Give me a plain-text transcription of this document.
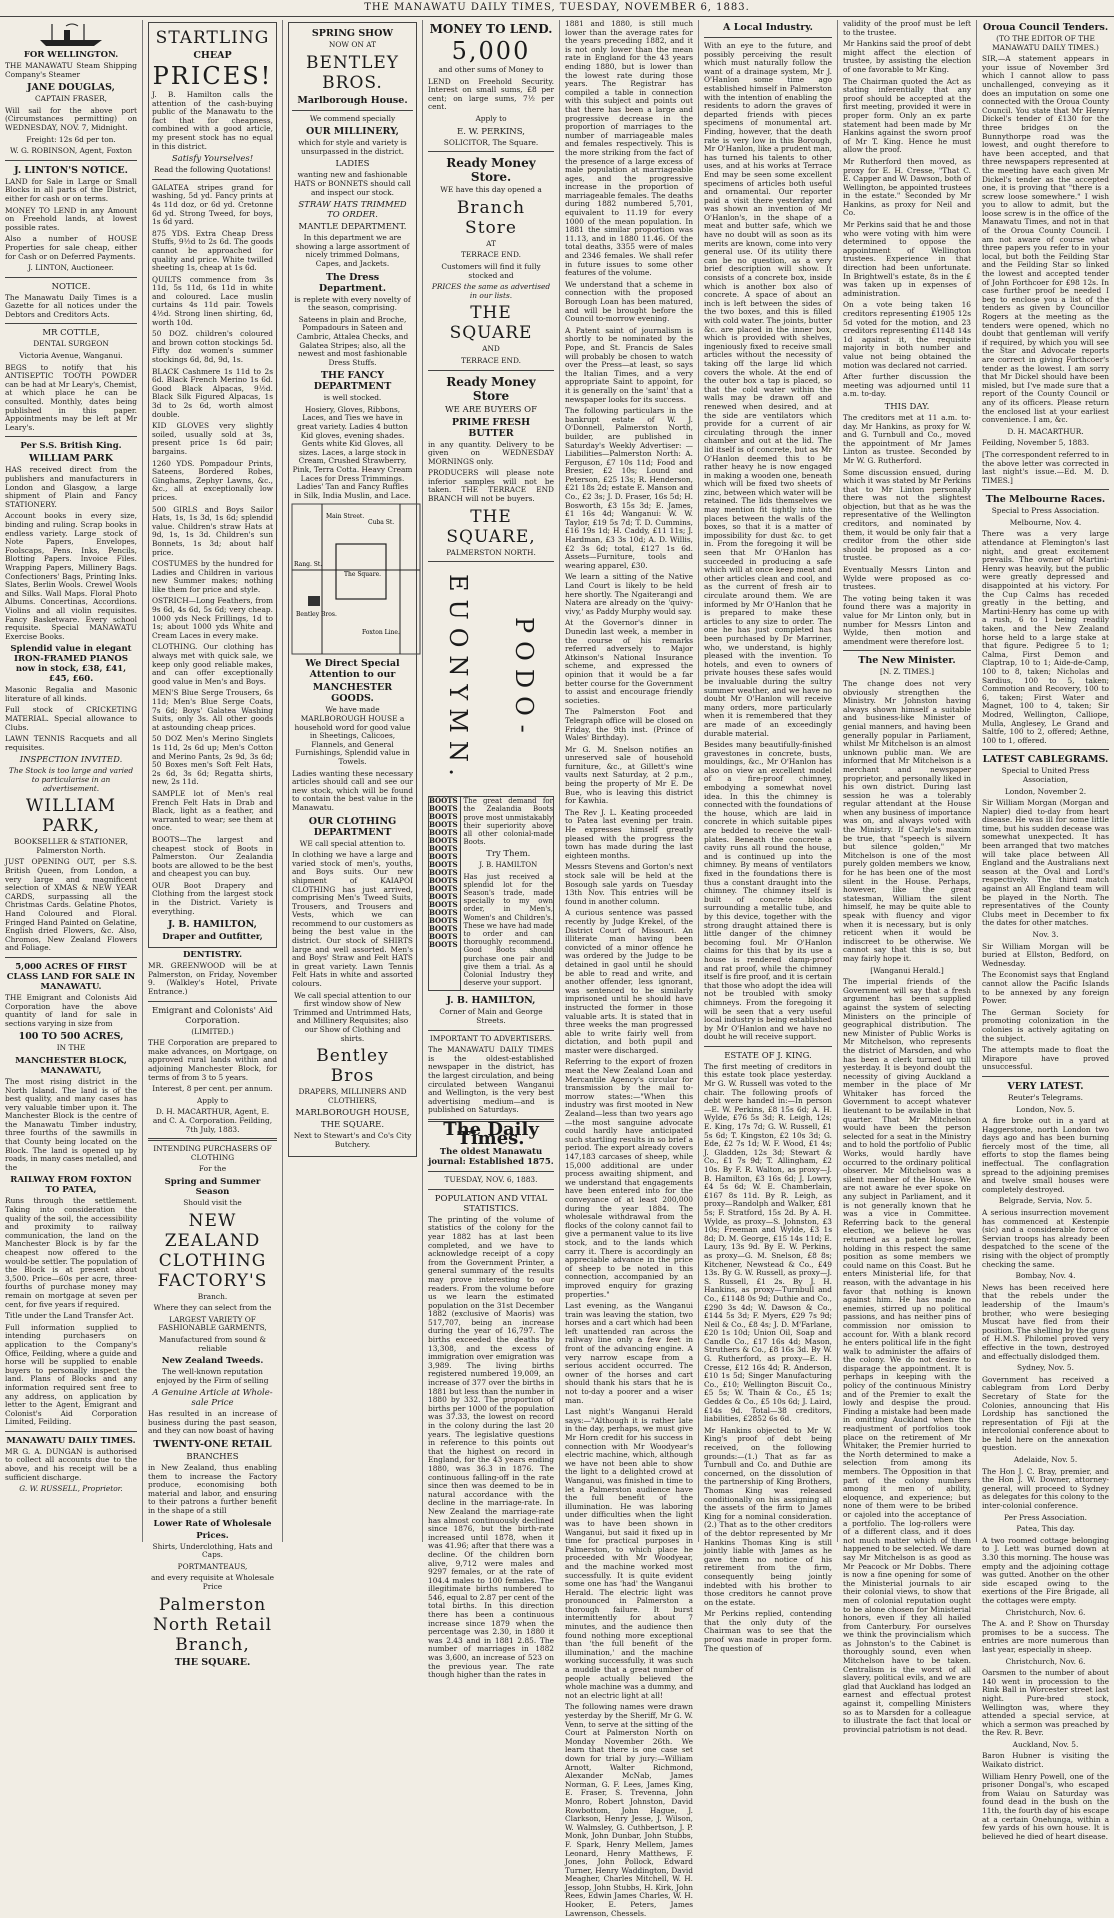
THE MANAWATU DAILY TIMES, TUESDAY, NOVEMBER 6, 1883.

FOR WELLINGTON.

THE MANAWATU Steam Shipping Company's Steamer

JANE DOUGLAS,

CAPTAIN FRASER,

Will sail for the above port (Circumstances permitting) on WEDNESDAY, NOV. 7, Midnight.

Freight: 12s 6d per ton.

W. G. ROBINSON, Agent, Foxton

J. LINTON'S NOTICE.

LAND for Sale in Large or Small Blocks in all parts of the District, either for cash or on terms.

MONEY TO LEND in any Amount on Freehold lands, at lowest possible rates.

Also a number of HOUSE Properties for sale cheap, either for Cash or on Deferred Payments.

J. LINTON, Auctioneer.

NOTICE.

The Manawatu Daily Times is a Gazette for all notices under the Debtors and Creditors Acts.

MR COTTLE,

DENTAL SURGEON

Victoria Avenue, Wanganui.

BEGS to notify that his ANTISEPTIC TOOTH POWDER can be had at Mr Leary's, Chemist, at which place he can be consulted. Monthly, dates being published in this paper. Appointments may be left at Mr Leary's.

Per S.S. British King.

WILLIAM PARK

HAS received direct from the publishers and manufacturers in London and Glasgow, a large shipment of Plain and Fancy STATIONERY.

Account books in every size, binding and ruling. Scrap books in endless variety. Large stock of Note Papers, Envelopes, Foolscaps, Pens. Inks, Pencils, Blotting Papers. Invoice Files. Wrapping Papers, Millinery Bags. Confectioners' Bags, Printing Inks. Slates, Berlin Wools. Crewel Wools and Silks. Wall Maps. Floral Photo Albums. Concertinas, Accordions. Violins and all violin requisites. Fancy Basketware. Every school requisite. Special MANAWATU Exercise Books.

Splendid value in elegant IRON-FRAMED PIANOS now in stock, £38, £41, £45, £60.

Masonic Regalia and Masonic literature of all kinds.

Full stock of CRICKETING MATERIAL. Special allowance to Clubs.

LAWN TENNIS Racquets and all requisites.

INSPECTION INVITED.

The Stock is too large and varied to particularise in an advertisement.

WILLIAM PARK,

BOOKSELLER & STATIONER, Palmerston North.

JUST OPENING OUT, per S.S. British Queen, from London, a very large and magnificent selection of XMAS & NEW YEAR CARDS, surpassing all the Christmas Cards. Gelatine Photos, Hand Coloured and Floral. Fringed Hand Painted on Gelatine, English dried Flowers, &c. Also, Chromos, New Zealand Flowers and Foliage.

5,000 ACRES OF FIRST CLASS LAND FOR SALE IN MANAWATU.

THE Emigrant and Colonists Aid Corporation have the above quantity of land for sale in sections varying in size from

100 TO 500 ACRES,

IN THE

MANCHESTER BLOCK, MANAWATU,

The most rising district in the North Island. The land is of the best quality, and many cases has very valuable timber upon it. The Manchester Block is the centre of the Manawatu Timber industry, three fourths of the sawmills in that County being located on the Block. The land is opened up by roads, in many cases metalled, and the

RAILWAY FROM FOXTON TO PATEA,

Runs through the settlement. Taking into consideration the quality of the soil, the accessibility and proximity to railway communication, the land on the Manchester Block is by far the cheapest now offered to the would-be settler. The population of the Block is at present about 3,500. Price—60s per acre, three-fourths of purchase money may remain on mortgage at seven per cent, for five years if required.

Title under the Land Transfer Act.

Full information supplied to intending purchasers on application to the Company's Office, Feilding, where a guide and horse will be supplied to enable buyers to personally inspect the land. Plans of Blocks and any information required sent free to any address, on application by letter to the Agent, Emigrant and Colonist's Aid Corporation Limited, Feilding.

MANAWATU DAILY TIMES.

MR G. A. DUNGAN is authorised to collect all accounts due to the above, and his receipt will be a sufficient discharge.

G. W. RUSSELL, Proprietor.

STARTLING

CHEAP

PRICES!

J. B. Hamilton calls the attention of the cash-buying public of the Manawatu to the fact that for cheapness, combined with a good article, my present stock has no equal in this district.

Satisfy Yourselves!

Read the following Quotations!

GALATEA stripes grand for washing, 5d yd. Fancy prints at 4s 11d doz, or 6d yd. Cretonne 6d yd. Strong Tweed, for boys, 1s 6d yard.

875 YDS. Extra Cheap Dress Stuffs, 9½d to 2s 6d. The goods cannot be approached for quality and price. White twilled sheeting 1s, cheap at 1s 6d.

QUILTS commence from 3s 11d, 5s 11d, 6s 11d in white and coloured. Lace muslin curtains 4s 11d pair. Towels 4½d. Strong linen shirting, 6d, worth 10d.

50 DOZ. children's coloured and brown cotton stockings 5d. Fifty doz women's summer stockings 6d, 8d, 9d, 1s.

BLACK Cashmere 1s 11d to 2s 6d. Black French Merino 1s 6d. Good Black Alpacas, 9½d. Black Silk Figured Alpacas, 1s 3d to 2s 6d, worth almost double.

KID GLOVES very slightly soiled, usually sold at 3s, present price 1s 6d pair; bargains.

1260 YDS. Pompadour Prints, Sateens, Bordered Robes, Ginghams, Zephyr Lawns, &c., &c., all at exceptionally low prices.

500 GIRLS and Boys Sailor Hats, 1s, 1s 3d, 1s 6d; splendid value. Children's straw Hats at 9d, 1s, 1s 3d. Children's sun Bonnets, 1s 3d; about half price.

COSTUMES by the hundred for Ladies and Children in various new Summer makes; nothing like them for price and style.

OSTRICH—Long Feathers, from 9s 6d, 4s 6d, 5s 6d; very cheap. 1000 yds Neck Frillings, 1d to 1s; about 1000 yds White and Cream Laces in every make.

CLOTHING. Our clothing has always met with quick sale, we keep only good reliable makes, and can offer exceptionally good value in Men's and Boys.

MEN'S Blue Serge Trousers, 6s 11d; Men's Blue Serge Coats, 7s 6d; Boys' Galatea Washing Suits, only 3s. All other goods at astounding cheap prices.

50 DOZ Men's Merino Singlets 1s 11d, 2s 6d up; Men's Cotton and Merino Pants, 2s 9d, 3s 6d; 50 Boxes men's Soft Felt Hats, 2s 6d, 3s 6d; Regatta shirts, new, 2s 11d.

SAMPLE lot of Men's real French Felt Hats in Drab and Black, light as a feather, and warranted to wear; see them at once.

BOOTS—The largest and cheapest stock of Boots in Palmerston. Our Zealandia boots are allowed to be the best and cheapest you can buy.

OUR Boot Drapery and Clothing from the largest stock in the District. Variety is everything.

J. B. HAMILTON,

Draper and Outfitter,

DENTISTRY.

MR. GREENWOOD will be at Palmerston, on Friday, November 9. (Walkley's Hotel, Private Entrance.)

Emigrant and Colonists' Aid Corporation.

(LIMITED.)

THE Corporation are prepared to make advances, on Mortgage, on approved rural lands within and adjoining Manchester Block, for terms of from 3 to 5 years.

Interest, 8 per cent. per annum.

Apply to

D. H. MACARTHUR, Agent, E. and C. A. Corporation. Feilding, 7th July, 1883.

INTENDING PURCHASERS OF CLOTHING

For the

Spring and Summer Season

Should visit the

NEW ZEALAND CLOTHING FACTORY'S

Branch.

Where they can select from the

LARGEST VARIETY OF FASHIONABLE GARMENTS,

Manufactured from sound & reliable

New Zealand Tweeds.

The well-known reputation enjoyed by the Firm of selling

A Genuine Article at Whole-sale Price

Has resulted in an increase of business during the past season, and they can now boast of having

TWENTY-ONE RETAIL

BRANCHES

in New Zealand, thus enabling them to increase the Factory produce, economising both material and labor, and ensuring to their patrons a further benefit in the shape of a still

Lower Rate of Wholesale

Prices.

Shirts, Underclothing, Hats and Caps.

PORTMANTEAUS,

and every requisite at Wholesale Price

Palmerston North Retail Branch,

THE SQUARE.

SPRING SHOW

NOW ON AT

BENTLEY BROS.

Marlborough House.

We commend specially

OUR MILLINERY,

which for style and variety is unsurpassed in the district.

LADIES

wanting new and fashionable HATS or BONNETS should call and inspect our stock.

STRAW HATS TRIMMED TO ORDER.

MANTLE DEPARTMENT.

In this department we are showing a large assortment of nicely trimmed Dolmans, Capes, and Jackets.

The Dress Department.

is replete with every novelty of the season, comprising.

Sateens in plain and Broche, Pompadours in Sateen and Cambric, Attalea Checks, and Galatea Stripes; also, all the newest and most fashionable Dress Stuffs.

THE FANCY DEPARTMENT

is well stocked.

Hosiery, Gloves, Ribbons, Laces, and Ties we have in great variety. Ladies 4 button Kid gloves, evening shades. Gents white Kid Gloves, all sizes. Laces, a large stock in Cream, Crushed Strawberry, Pink, Terra Cotta. Heavy Cream Laces for Dress Trimmings. Ladies' Tan and Fancy Ruffles in Silk, India Muslin, and Lace.

Main Street.
Rang. St.
The Square.
Bentley Bros.
Foxton Line.
Cuba St.

We Direct Special Attention to our

MANCHESTER GOODS.

We have made MARLBOROUGH HOUSE a household word for good value in Sheetings, Calicoes, Flannels, and General Furnishings, Splendid value in Towels.

Ladies wanting these necessary articles should call and see our new stock, which will be found to contain the best value in the Manawatu.

OUR CLOTHING DEPARTMENT

WE call special attention to.

In clothing we have a large and varied stock of men's, youths, and Boys suits. Our new shipment of KAIAPOI CLOTHING has just arrived, comprising Men's Tweed Suits, Trousers, and Trousers and Vests, which we can recommend to our customers as being the best value in the district. Our stock of SHIRTS large and well assorted. Men's and Boys' Straw and Felt HATS in great variety. Lawn Tennis Felt Hats in white and assorted colours.

We call special attention to our first window show of New Trimmed and Untrimmed Hats, and Millinery Requisites; also our Show of Clothing and shirts.

Bentley Bros

DRAPERS, MILLINERS AND CLOTHIERS,

MARLBOROUGH HOUSE,

THE SQUARE.

Next to Stewart's and Co's City Butchery.

MONEY TO LEND.

5,000

and other sums of Money to

LEND on Freehold Security. Interest on small sums, £8 per cent; on large sums, 7½ per cent.

Apply to

E. W. PERKINS,

SOLICITOR, The Square.

Ready Money Store.

WE have this day opened a

Branch Store

AT

TERRACE END.

Customers will find it fully stocked and

PRICES the same as advertised in our lists.

THE SQUARE

AND

TERRACE END.

Ready Money Store

WE ARE BUYERS OF

PRIME FRESH BUTTER

in any quantity. Delivery to be given on WEDNESDAY MORNINGS only.

PRODUCERS will please note inferior samples will not be taken. THE TERRACE END BRANCH will not be buyers.

THE SQUARE,

PALMERSTON NORTH.

EUONYMN. PODO-
BOOTS
BOOTS
BOOTS
BOOTS
BOOTS
BOOTS
BOOTS
BOOTS
BOOTS
BOOTS
BOOTS
BOOTS
BOOTS
BOOTS
BOOTS
BOOTS
BOOTS
BOOTS
BOOTS

The great demand for the Zealandia Boots prove most unmistakably their superiority above all other colonial-made Boots.

Try Them.

J. B. HAMILTON

Has just received a splendid lot for the Season's trade, made specially to my own order, in Men's, Women's and Children's. These we have had made to order and can thoroughly recommend. Good Boots should purchase one pair and give them a trial. As a Colonial Industry they deserve your support.

J. B. HAMILTON,

Corner of Main and George Streets.

IMPORTANT TO ADVERTISERS.

The MANAWATU DAILY TIMES is the oldest-established newspaper in the district, has the largest circulation, and being circulated between Wanganui and Wellington, is the very best advertising medium—and is published on Saturdays.

The Daily Times.

The oldest Manawatu journal: Established 1875.

TUESDAY, NOV. 6, 1883.

POPULATION AND VITAL STATISTICS.

The printing of the volume of statistics of the colony for the year 1882 has at last been completed, and we have to acknowledge receipt of a copy from the Government Printer, a general summary of the results may prove interesting to our readers. From the volume before us we learn the estimated population on the 31st December 1882 (exclusive of Maoris) was 517,707, being an increase during the year of 16,797. The births exceeded the deaths by 13,308, and the excess of immigration over emigration was 3,989. The living births registered numbered 19,009, an increase of 377 over the births in 1881 but less than the number in 1880 by 332. The proportion of births per 1000 of the population was 37.33, the lowest on record in the colony during the last 20 years. The legislative questions in reference to this points out that the highest on record in England, for the 43 years ending 1880, was 36.3 in 1876. The continuous falling-off in the rate since then was deemed to be in natural accordance with the decline in the marriage-rate. In New Zealand the marriage-rate has almost continuously declined since 1876, but the birth-rate increased until 1878, when it was 41.96; after that there was a decline. Of the children born alive, 9,712 were males and 9297 females, or at the rate of 104.4 males to 100 females. The illegitimate births numbered to 546, equal to 2.87 per cent of the total births. In this direction there has been a continuous increase since 1879 when the percentage was 2.30, in 1880 it was 2.43 and in 1881 2.85. The number of marriages in 1882 was 3,600, an increase of 523 on the previous year. The rate though higher than the rates in

1881 and 1880, is still much lower than the average rates for the years preceding 1882, and it is not only lower than the mean rate in England for the 43 years ending 1880, but is lower than the lowest rate during those years. The Registrar has compiled a table in connection with this subject and points out that there has been a large and progressive decrease in the proportion of marriages to the number of marriageable males and females respectively. This is the more striking from the fact of the presence of a large excess of male population at marriageable ages, and the progressive increase in the proportion of marriageable females. The deaths during 1882 numbered 5,701, equivalent to 11.19 for every 1000 of the mean population. In 1881 the similar proportion was 11.13, and in 1880 11.46. Of the total deaths, 3355 were of males and 2346 females. We shall refer in future issues to some other features of the volume.

We understand that a scheme in connection with the proposed Borough Loan has been matured, and will be brought before the Council to-morrow evening.

A Patent saint of journalism is shortly to be nominated by the Pope, and St. Francis de Sales will probably be chosen to watch over the Press—at least, so says the Italian Times, and a very appropriate Saint to appoint, for it is generally on the 'saint' that a newspaper looks for its success.

The following particulars in the bankrupt estate of W. J. O'Donnell, Palmerston North, builder, are published in Saturday's Weekly Advertiser: —Liabilities—Palmerston North: A. Ferguson, £7 10s 11d; Food and Bresier, £2 10s; Lound and Peterson, £25 13s; R. Henderson, £21 18s 2d; estate E. Manson and Co., £2 3s; J. D. Fraser, 16s 5d; H. Bosworth, £3 15s 3d; E. James, £1 16s 4d; Wanganui: W. W. Taylor, £19 5s 7d; T. D. Cummins, £16 19s 1d; H. Caddy, £11 11s; J. Hardman, £3 3s 10d; A. D. Willis, £2 3s 6d; total, £127 1s 6d. Assets—Furniture, tools and wearing apparel, £30.

We learn a sitting of the Native Land Court is likely to be held here shortly. The Ngaiterangi and Natera are already on the 'quivy-vivy,' as Paddy Murphy would say.

At the Governor's dinner in Dunedin last week, a member in the course of his remarks referred adversely to Major Atkinson's National Insurance scheme, and expressed the opinion that it would be a far better course for the Government to assist and encourage friendly societies.

The Palmerston Foot and Telegraph office will be closed on Friday, the 9th inst. (Prince of Wales' Birthday).

Mr G. M. Snelson notifies an unreserved sale of household furniture, &c., at Gillett's wine vaults next Saturday, at 2 p.m., being the property of Mr E. De Bue, who is leaving this district for Kawhia.

The Rev J. L. Keating proceeded to Patea last evening per train. He expresses himself greatly pleased with the progress the town has made during the last eighteen months.

Messrs Stevens and Gorton's next stock sale will be held at the Bosough sale yards on Tuesday 13th Nov. This entries will be found in another column.

A curious sentence was passed recently by Judge Krekel, of the District Court of Missouri. An illiterate man having been convicted of a minor offence he was ordered by the Judge to be detained in gaol until he should be able to read and write, and another offender, less ignorant, was sentenced to be similarly imprisoned until he should have instructed the former in those valuable arts. It is stated that in three weeks the man progressed able to write fairly well from dictation, and both pupil and master were discharged.

Referring to the export of frozen meat the New Zealand Loan and Mercantile Agency's circular for transmission by the mail to-morrow states:—"When this industry was first mooted in New Zealand—less than two years ago—the most sanguine advocate could hardly have anticipated such startling results in so brief a period. The export already covers 147,183 carcases of sheep, while 15,000 additional are under process awaiting shipment, and we understand that engagements have been entered into for the conveyance of at least 200,000 during the year 1884. The wholesale withdrawal from the flocks of the colony cannot fail to give a permanent value to its live stock, and to the lands which carry it. There is accordingly an appreciable advance in the price of sheep to be noted in this connection, accompanied by an improved enquiry for grazing properties."

Last evening, as the Wanganui train was leaving the station, two horses and a cart which had been left unattended ran across the railway line only a few feet in front of the advancing engine. A very narrow escape from a serious accident occurred. The owner of the horses and cart should thank his stars that he is not to-day a poorer and a wiser man.

Last night's Wanganui Herald says:—"Although it is rather late in the day, perhaps, we must give Mr Horn credit for his success in connection with Mr Woodyear's electric machine, which, although we have not been able to show the light to a delighted crowd at Wanganui, was finished in time to let a Palmerston audience have the full benefit of the illumination. He was laboring under difficulties when the light was to have been shown in Wanganui, but said it fixed up in time for practical purposes in Palmerston, to which place he proceeded with Mr Woodyear, and the machine worked most successfully. It is quite evident some one has 'had' the Wanganui Herald. The electric light was pronounced in Palmerston a thorough failure. It burst intermittently for about 7 minutes, and the audience then found nothing more exceptional than 'the full benefit of the illumination,' and the machine working successfully, it was such a muddle that a great number of people actually believed the whole machine was a dummy, and not an electric light at all!

The following names were drawn yesterday by the Sheriff, Mr G. W. Venn, to serve at the sitting of the Court at Palmerston North on Monday November 26th. We learn that there is one case set down for trial by jury:—William Arnott, Walter Richmond, Alexander McNab, James Norman, G. F. Lees, James King, E. Fraser, S. Trevenna, John Monro, Robert Johnston, David Rowbottom, John Hague, J. Clarkson, Henry Jesse, J. Wilson, W. Walmsley, G. Cuthbertson, J. P. Monk, John Dunbar, John Stubbs, F. Spark, Henry Mellem, James Leonard, Henry Matthews, F. Jones, John Pollock, Edward Turner, Henry Waddington, David Meagher, Charles Mitchell, W. H. Jessop, John Stubbs, H. Kirk, John Rees, Edwin James Charles, W. H. Hooker, E. Peters, James Lawrenson, Chessels.

A Local Industry.

With an eye to the future, and possibly perceiving the result which must naturally follow the want of a drainage system, Mr J. O'Hanlon some time ago established himself in Palmerston with the intention of enabling the residents to adorn the graves of departed friends with pieces specimens of monumental art. Finding, however, that the death rate is very low in this Borough, Mr O'Hanlon, like a prudent man, has turned his talents to other uses, and at his works at Terrace End may be seen some excellent specimens of articles both useful and ornamental. Our reporter paid a visit there yesterday and was shown an invention of Mr O'Hanlon's, in the shape of a meat and butter safe, which we have no doubt will as soon as its merits are known, come into very general use. Of its utility there can be no question, as a very brief description will show. It consists of a concrete box, inside which is another box also of concrete. A space of about an inch is left between the sides of the two boxes, and this is filled with cold water. The joints, butter &c. are placed in the inner box, which is provided with shelves, ingeniously fixed to receive small articles without the necessity of taking off the large lid which covers the whole. At the end of the outer box a tap is placed, so that the cold water within the walls may be drawn off and renewed when desired, and at the side are ventilators which provide for a current of air circulating through the inner chamber and out at the lid. The lid itself is of concrete, but as Mr O'Hanlon deemed this to be rather heavy he is now engaged in making a wooden one, beneath which will be fixed two sheets of zinc, between which water will be retained. The lids themselves we may mention fit tightly into the places between the walls of the boxes, so that it is a matter of impossibility for dust &c. to get in. From the foregoing it will be seen that Mr O'Hanlon has succeeded in producing a safe which will at once keep meat and other articles clean and cool, and as the current of fresh air to circulate around them. We are informed by Mr O'Hanlon that he is prepared to make these articles to any size to order. The one he has just completed has been purchased by Dr Marriner, who, we understand, is highly pleased with the invention. To hotels, and even to owners of private houses these safes would be invaluable during the sultry summer weather, and we have no doubt Mr O'Hanlon will receive many orders, more particularly when it is remembered that they are made of an exceedingly durable material.

Besides many beautifully-finished gravestones in concrete, busts, mouldings, &c., Mr O'Hanlon has also on view an excellent model of a fire-proof chimney, embodying a somewhat novel idea. In this the chimney is connected with the foundations of the house, which are laid in concrete in which suitable pipes are bedded to receive the wall-plates. Beneath the concrete a cavity runs all round the house, and is continued up into the chimney. By means of ventilators fixed in the foundations there is thus a constant draught into the chimney. The chimney itself is built of concrete blocks surrounding a metallic tube, and by this device, together with the strong draught attained there is little danger of the chimney becoming foul. Mr O'Hanlon claims for this that by its use a house is rendered damp-proof and rat proof, while the chimney itself is fire proof, and it is certain that those who adopt the idea will not be troubled with smoky chimneys. From the foregoing it will be seen that a very useful local industry is being established by Mr O'Hanlon and we have no doubt he will receive support.

ESTATE OF J. KING.

The first meeting of creditors in this estate took place yesterday. Mr G. W. Russell was voted to the chair. The following proofs of debt were handed in:—In person—E. W. Perkins, £8 15s 6d; A. H. Wylde, £76 5s 3d; R. Leigh, 12s; E. King, 17s 7d; G. W. Russell, £1 5s 6d; T. Kingston, £2 10s 3d; G. Ede, £2 7s 1d; W. F. Wood, £1 4s; J. Gladden, 12s 3d; Stewart & Co., £1 7s 9d; T. Allingham, £2 10s. By F. R. Walton, as proxy—J. B. Hamilton, £3 16s 6d; J. Lowry, £4 5s 6d; W. E. Chamberlain, £167 8s 11d. By R. Leigh, as proxy—Randolph and Walker, £81 5s; F. Stratford, 15s 2d. By A. H. Wylde, as proxy—S. Johnston, £3 10s; Freeman and Wylde, £3 1s 8d; D. M. George, £15 14s 11d; E. Laury, 13s 9d. By E. W. Perkins, as proxy—G. M. Snelson, £8 8s; Kitchener, Newstead & Co., £49 13s. By G. W. Russell, as proxy—J. S. Russell, £1 2s. By J. H. Hankins, as proxy—Turnbull and Co., £1148 0s 9d; Duthie and Co., £290 3s 4d; W. Dawson & Co., £144 5s 3d; F. Myers, £29 7s 9d; Neil & Co., £8 4s; J. D. M'Farlane, £20 1s 10d; Union Oil, Soap and Candle Co., £17 16s 4d; Mason, Struthers & Co., £8 16s 3d. By W. G. Rutherford, as proxy—E. H. Cresse, £12 16s 4d; R. Anderson, £10 1s 5d; Singer Manufacturing Co., £10; Wellington Biscuit Co., £5 5s; W. Thain & Co., £5 1s; Geddes & Co., £5 10s 6d; J. Laird, £14s 9d. Total—38 creditors, liabilities, £2852 6s 6d.

Mr Hankins objected to Mr W. King's proof of debt being received, on the following grounds:—(1.) That as far as Turnbull and Co. and Duthie are concerned, on the dissolution of the partnership of King Brothers, Thomas King was released conditionally on his assigning all the assets of the firm to James King for a nominal consideration. (2.) That as to the other creditors of the debtor represented by Mr Hankins Thomas King is still jointly liable with James as he gave them no notice of his retirement from the firm, consequently being jointly indebted with his brother to those creditors he cannot prove on the estate.

Mr Perkins replied, contending that the only duty of the Chairman was to see that the proof was made in proper form. The question of

validity of the proof must be left to the trustee.

Mr Hankins said the proof of debt might affect the election of trustee, by assisting the election of one favorable to Mr King.

The Chairman quoted the Act as stating inferentially that any proof should be accepted at the first meeting, provided it were in proper form. Only an ex parte statement had been made by Mr Hankins against the sworn proof of Mr T. King. Hence he must allow the proof.

Mr Rutherford then moved, as proxy for E. H. Cresse, "That C. E. Capper and W. Dawson, both of Wellington, be appointed trustees in the estate." Seconded by Mr Hankins, as proxy for Neil and Co.

Mr Perkins said that he and those who were voting with him were determined to oppose the appointment of Wellington trustees. Experience in that direction had been unfortunate. In Brightwell's estate, 8s in the £ was taken up in expenses of administration.

On a vote being taken 16 creditors representing £1905 12s 5d voted for the motion, and 23 creditors representing £1148 14s 1d against it, the requisite majority in both number and value not being obtained the motion was declared not carried.

After further discussion the meeting was adjourned until 11 a.m. to-day.

THIS DAY.

The creditors met at 11 a.m. to-day. Mr Hankins, as proxy for W. and G. Turnbull and Co., moved the appointment of Mr James Linton as trustee. Seconded by Mr W. G. Rutherford.

Some discussion ensued, during which it was stated by Mr Perkins that to Mr Linton personally there was not the slightest objection, but that as he was the representative of the Wellington creditors, and nominated by them, it would be only fair that a creditor from the other side should be proposed as a co-trustee.

Eventually Messrs Linton and Wylde were proposed as co-trustees.

The voting being taken it was found there was a majority in value for Mr Linton only, but in number for Messrs Linton and Wylde, then motion and amendment were therefore lost.

The New Minister.

[N. Z. TIMES.]

The change does not very obviously strengthen the Ministry. Mr Johnston having always shown himself a suitable and business-like Minister of genial manners, and having been generally popular in Parliament, whilst Mr Mitchelson is an almost unknown public man. We are informed that Mr Mitchelson is a merchant and newspaper proprietor, and personally liked in his own district. During last session he was a tolerably regular attendant at the House when any business of importance was on, and always voted with the Ministry. If Carlyle's maxim be true, that "speech is silvern but silence golden," Mr Mitchelson is one of the most purely golden members we know, for he has been one of the most silent in the House. Perhaps, however, like the great statesman, William the silent himself, he may be quite able to speak with fluency and vigor when it is necessary, but is only reticent when it would be indiscreet to be otherwise. We cannot say that this is so, but may fairly hope it.

[Wanganui Herald.]

The imperial friends of the Government will say that a fresh argument has been supplied against the system of selecting Ministers on the principle of geographical distribution. The new Minister of Public Works is Mr Mitchelson, who represents the district of Marsden, and who has been a clerk turned up till yesterday. It is beyond doubt the necessity of giving Auckland a member in the place of Mr Whitaker has forced the Government to accept whatever lieutenant to be available in that quarter. That Mr Mitchelson would have been the person selected for a seat in the Ministry and to hold the portfolio of Public Works, would hardly have occurred to the ordinary political observer. Mr Mitchelson was a silent member of the House. We are not aware he ever spoke on any subject in Parliament, and it is not generally known that he was a vice in Committee. Referring back to the general election, we believe he was returned as a patent log-roller, holding in this respect the same position as some members we could name on this Coast. But he enters Ministerial life, for that reason, with the advantage in his favor that nothing is known against him. He has made no enemies, stirred up no political passions, and has neither pins of commission nor omission to account for. With a blank record he enters political life in the fight walk to administer the affairs of the colony. We do not desire to disparage the appointment. It is perhaps in keeping with the policy of the continuous Ministry and of the Premier to exalt the lowly and despise the proud. Finding a mistake had been made in omitting Auckland when the readjustment of portfolios took place on the retirement of Mr Whitaker, the Premier hurried to the North determined to make a selection from among its members. The Opposition in that part of the colony numbers among it men of ability, eloquence, and experience; but none of them were to be bribed or cajoled into the acceptance of a portfolio. The log-rollers were of a different class, and it does not much matter which of them happened to be selected. We dare say Mr Mitchelson is as good as Mr Peacock or Mr Dobbs. There is now a fine opening for some of the Ministerial journals to air their colonial views, to show that men of colonial reputation ought to be alone chosen for Ministerial honors, even if they all hailed from Canterbury. For ourselves we think the provincialism which as Johnston's to the Cabinet is thoroughly sound, even when Mitchelson have to be taken. Centralism is the worst of all slavery, political evils, and we are glad that Auckland has lodged an earnest and effectual protest against it, compelling Ministers so as to Marsden for a colleague to illustrate the fact that local or provincial patriotism is not dead.

Oroua Council Tenders.

(TO THE EDITOR OF THE MANAWATU DAILY TIMES.)

SIR,—A statement appears in your issue of November 3rd which I cannot allow to pass unchallenged, conveying as it does an imputation on some one connected with the Oroua County Council. You state that Mr Henry Dickel's tender of £130 for the three bridges on the Bunnythorpe road was the lowest, and ought therefore to have been accepted, and that three newspapers represented at the meeting have each given Mr Dickel's tender as the accepted one, it is proving that "there is a screw loose somewhere." I wish you to allow to admit, but the loose screw is in the office of the Manawatu Times, and not in that of the Oroua County Council. I am not aware of course what three papers you refer to in your local, but both the Feilding Star and the Feilding Star so linked the lowest and accepted tender of John Forthcoer for £98 12s. In case further proof be needed I beg to enclose you a list of the tenders as given by Councillor Rogers at the meeting as the tenders were opened, which no doubt that gentleman will verify if required, by which you will see the Star and Advocate reports are correct in giving Forthcoer's tender as the lowest. I am sorry that Mr Dickel should have been misled, but I've made sure that a report of the County Council or any of its officers. Please return the enclosed list at your earliest convenience. I am, &c.

D. H. MACARTHUR.

Feilding, November 5, 1883.

[The correspondent referred to in the above letter was corrected in last night's issue.—Ed. M. D. TIMES.]

The Melbourne Races.

Special to Press Association.

Melbourne, Nov. 4.

There was a very large attendance at Flemington's last night, and great excitement prevails. The owner of Martini-Henry was heavily, but the public were greatly depressed and disappointed at his victory. For the Cup Calms has receded greatly in the betting, and Martini-Henry has come up with a rush, 6 to 1 being readily taken, and the New Zealand horse held to a large stake at that figure. Pedigree 5 to 1; Calma, First Demon and Claptrap, 10 to 1; Aide-de-Camp, 100 to 8, taken; Nicholas and Sardius, 100 to 5, taken; Commotion and Recovery, 100 to 6, taken; First Water and Magnet, 100 to 4, taken; Sir Modred, Wellington, Calliope, Mulla, Anglesey, Le Grand and Saltfe, 100 to 2, offered; Aethne, 100 to 1, offered.

LATEST CABLEGRAMS.

Special to United Press Association,

London, November 2.

Sir William Morgan (Morgan and Napier) died to-day from heart disease. He was ill for some little time, but his sudden decease was somewhat unexpected. It has been arranged that two matches will take place between All England and the Australians next season at the Oval and Lord's respectively. The third match against an All England team will be played in the North. The representatives of the County Clubs meet in December to fix the dates for other matches.

Nov. 3.

Sir William Morgan will be buried at Ellston, Bedford, on Wednesday.

The Economist says that England cannot allow the Pacific Islands to be annexed by any foreign Power.

The German Society for promoting colonization in the colonies is actively agitating on the subject.

The attempts made to float the Mirapore have proved unsuccessful.

VERY LATEST.

Reuter's Telegrams.

London, Nov. 5.

A fire broke out in a yard at Haggerstone, north London two days ago and has been burning fiercely most of the time, all efforts to stop the flames being ineffectual. The conflagration spread to the adjoining premises and twelve small houses were completely destroyed.

Belgrade, Servia, Nov. 5.

A serious insurrection movement has commenced at Kestenpie (sic) and a considerable force of Servian troops has already been despatched to the scene of the rising with the object of promptly checking the same.

Bombay, Nov. 4.

News has been received here that the rebels under the leadership of the Imaum's brother, who were besieging Muscat have fled from their position. The shelling by the guns of H.M.S. Philomel proved very effective in the town, destroyed and effectually dislodged them.

Sydney, Nov. 5.

Government has received a cablegram from Lord Derby Secretary of State for the Colonies, announcing that His Lordship has sanctioned the representation of Fiji at the intercolonial conference about to be held here on the annexation question.

Adelaide, Nov. 5.

The Hon J. C. Bray, premier, and the Hon J. W. Downer, attorney-general, will proceed to Sydney as delegates for this colony to the inter-colonial conference.

Per Press Association.

Patea, This day.

A two roomed cottage belonging to J. Lett was burned down at 3.30 this morning. The house was empty and the adjoining cottage was gutted. Another on the other side escaped owing to the exertions of the Fire Brigade, all the cottages were empty.

Christchurch, Nov. 6.

The A. and P. Show on Thursday promises to be a success. The entries are more numerous than last year, especially in sheep.

Christchurch, Nov. 6.

Oarsmen to the number of about 140 went in procession to the Rink Ball in Worcester street last night. Pure-bred stock, Wellington was, where they attended a special service, at which a sermon was preached by the Rev. R. Bevr.

Auckland, Nov. 5.

Baron Hubner is visiting the Waikato district.

William Henry Powell, one of the prisoner Dongal's, who escaped from Waiau on Saturday was found dead in the bush on the 11th, the fourth day of his escape at a certain Onehunga, within a few yards of his own house. It is believed he died of heart disease.
